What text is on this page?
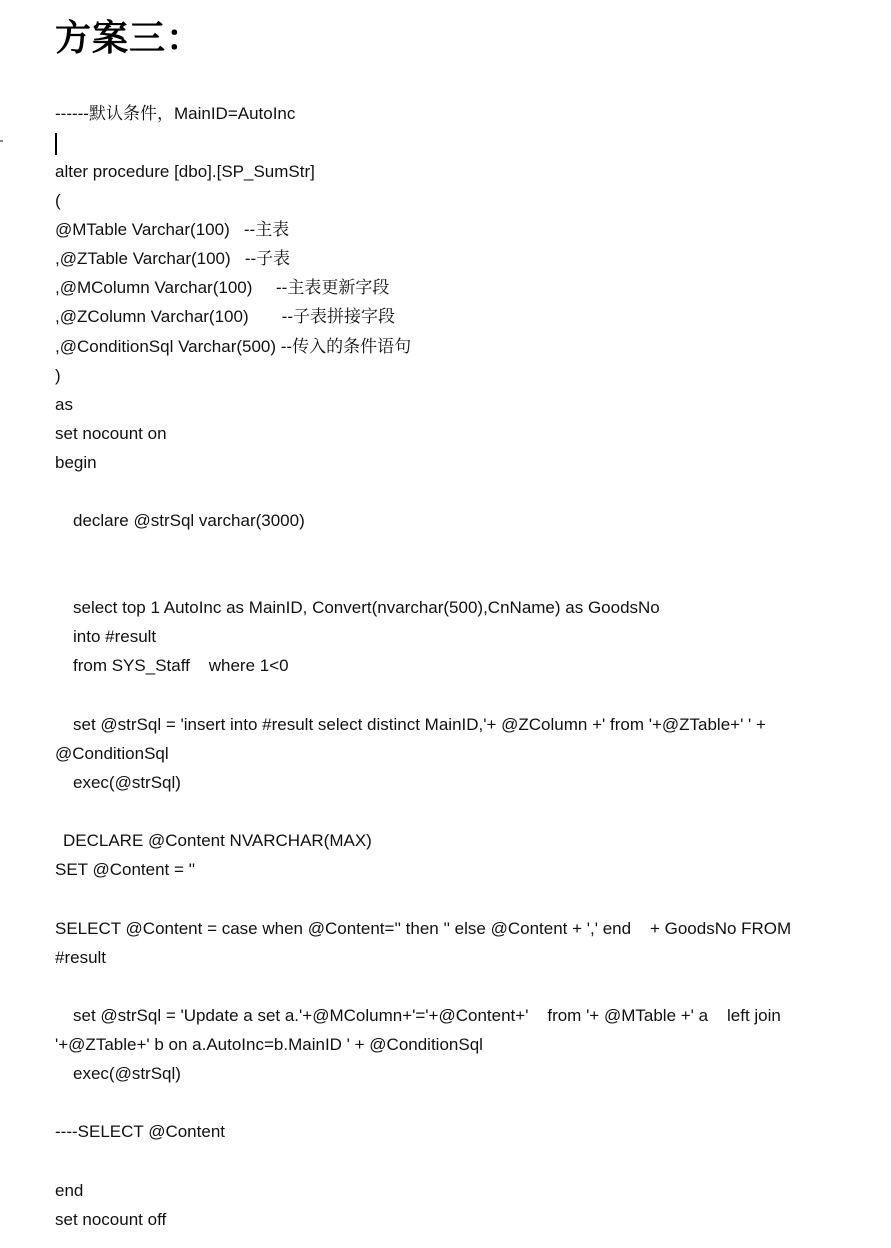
方案三：
------默认条件，MainID=AutoInc
alter procedure [dbo].[SP_SumStr]
(
@MTable Varchar(100)   --主表
,@ZTable Varchar(100)   --子表
,@MColumn Varchar(100)     --主表更新字段
,@ZColumn Varchar(100)       --子表拼接字段
,@ConditionSql Varchar(500) --传入的条件语句
)
as
set nocount on
begin
declare @strSql varchar(3000)
select top 1 AutoInc as MainID, Convert(nvarchar(500),CnName) as GoodsNo
into #result
from SYS_Staff    where 1<0
set @strSql = 'insert into #result select distinct MainID,'+ @ZColumn +' from '+@ZTable+' ' +
@ConditionSql
exec(@strSql)
DECLARE @Content NVARCHAR(MAX)
SET @Content = ''
SELECT @Content = case when @Content='' then '' else @Content + ',' end    + GoodsNo FROM
#result
set @strSql = 'Update a set a.'+@MColumn+'='+@Content+'    from '+ @MTable +' a    left join
'+@ZTable+' b on a.AutoInc=b.MainID ' + @ConditionSql
exec(@strSql)
----SELECT @Content
end
set nocount off
